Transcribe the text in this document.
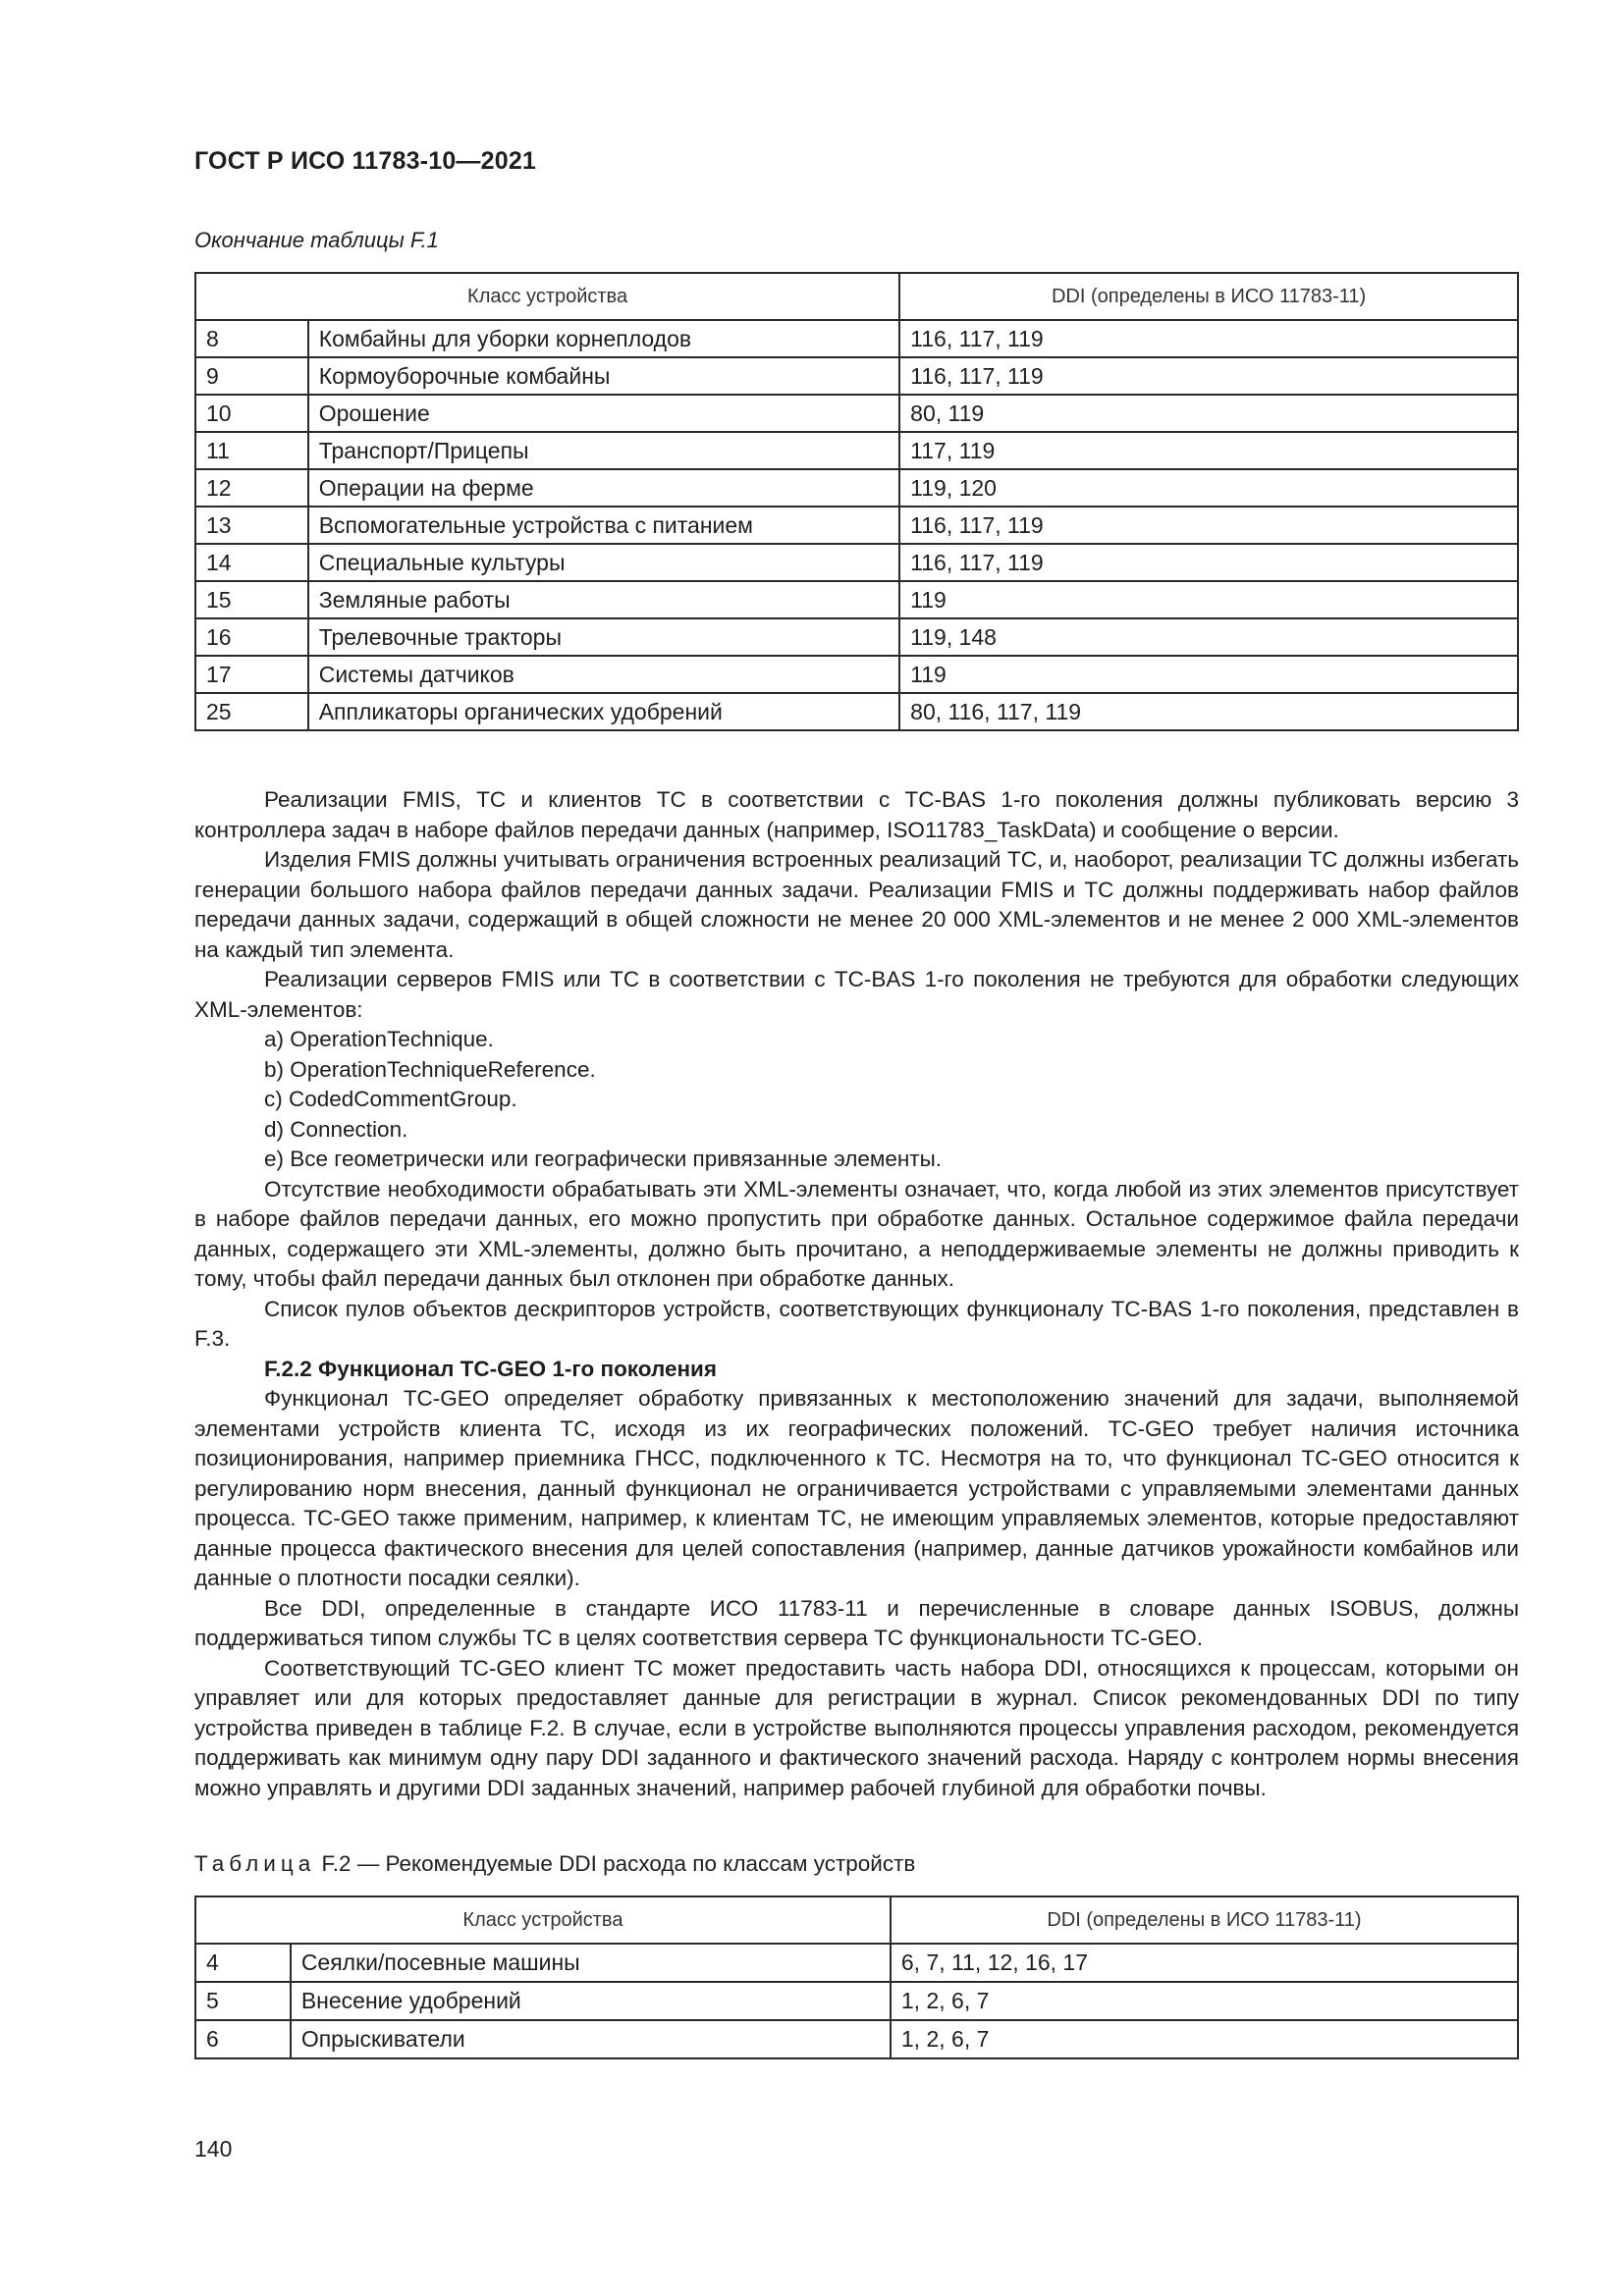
ГОСТ Р ИСО 11783-10—2021
Окончание таблицы F.1
Класс устройства		DDI (определены в ИСО 11783-11)
8	Комбайны для уборки корнеплодов	116, 117, 119
9	Кормоуборочные комбайны	116, 117, 119
10	Орошение	80, 119
11	Транспорт/Прицепы	117, 119
12	Операции на ферме	119, 120
13	Вспомогательные устройства с питанием	116, 117, 119
14	Специальные культуры	116, 117, 119
15	Земляные работы	119
16	Трелевочные тракторы	119, 148
17	Системы датчиков	119
25	Аппликаторы органических удобрений	80, 116, 117, 119

Реализации FMIS, ТС и клиентов ТС в соответствии с TC-BAS 1-го поколения должны публиковать версию 3 контроллера задач в наборе файлов передачи данных (например, ISO11783_TaskData) и сообщение о версии.

Изделия FMIS должны учитывать ограничения встроенных реализаций ТС, и, наоборот, реализации ТС должны избегать генерации большого набора файлов передачи данных задачи. Реализации FMIS и ТС должны поддерживать набор файлов передачи данных задачи, содержащий в общей сложности не менее 20 000 XML-элементов и не менее 2 000 XML-элементов на каждый тип элемента.

Реализации серверов FMIS или ТС в соответствии с TC-BAS 1-го поколения не требуются для обработки следующих XML-элементов:

а) OperationTechnique.

b) OperationTechniqueReference.

c) CodedCommentGroup.

d) Connection.

e) Все геометрически или географически привязанные элементы.

Отсутствие необходимости обрабатывать эти XML-элементы означает, что, когда любой из этих элементов присутствует в наборе файлов передачи данных, его можно пропустить при обработке данных. Остальное содержимое файла передачи данных, содержащего эти XML-элементы, должно быть прочитано, а неподдерживаемые элементы не должны приводить к тому, чтобы файл передачи данных был отклонен при обработке данных.

Список пулов объектов дескрипторов устройств, соответствующих функционалу TC-BAS 1-го поколения, представлен в F.3.

F.2.2 Функционал TC-GEO 1-го поколения

Функционал TC-GEO определяет обработку привязанных к местоположению значений для задачи, выполняемой элементами устройств клиента ТС, исходя из их географических положений. TC-GEO требует наличия источника позиционирования, например приемника ГНСС, подключенного к ТС. Несмотря на то, что функционал TC-GEO относится к регулированию норм внесения, данный функционал не ограничивается устройствами с управляемыми элементами данных процесса. TC-GEO также применим, например, к клиентам ТС, не имеющим управляемых элементов, которые предоставляют данные процесса фактического внесения для целей сопоставления (например, данные датчиков урожайности комбайнов или данные о плотности посадки сеялки).

Все DDI, определенные в стандарте ИСО 11783-11 и перечисленные в словаре данных ISOBUS, должны поддерживаться типом службы ТС в целях соответствия сервера ТС функциональности TC-GEO.

Соответствующий TC-GEO клиент ТС может предоставить часть набора DDI, относящихся к процессам, которыми он управляет или для которых предоставляет данные для регистрации в журнал. Список рекомендованных DDI по типу устройства приведен в таблице F.2. В случае, если в устройстве выполняются процессы управления расходом, рекомендуется поддерживать как минимум одну пару DDI заданного и фактического значений расхода. Наряду с контролем нормы внесения можно управлять и другими DDI заданных значений, например рабочей глубиной для обработки почвы.

Таблица F.2 — Рекомендуемые DDI расхода по классам устройств
Класс устройства		DDI (определены в ИСО 11783-11)
4	Сеялки/посевные машины	6, 7, 11, 12, 16, 17
5	Внесение удобрений	1, 2, 6, 7
6	Опрыскиватели	1, 2, 6, 7
140
